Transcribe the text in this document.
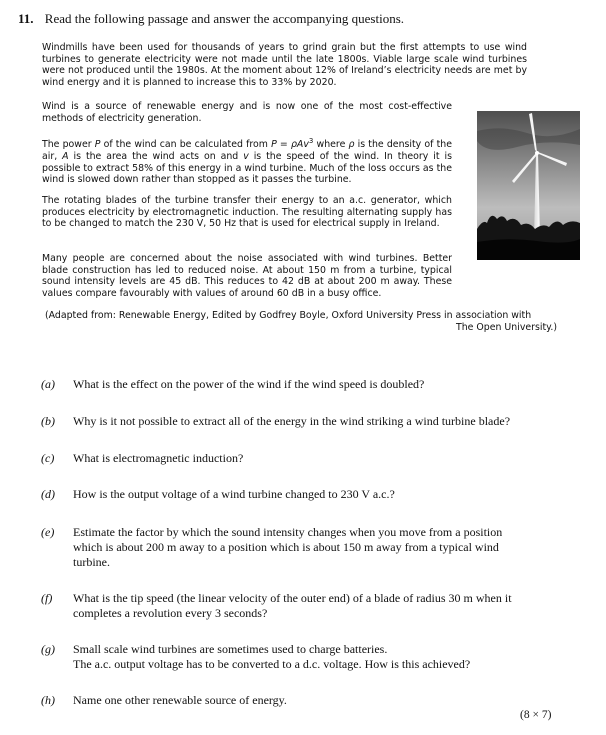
11. Read the following passage and answer the accompanying questions.

Windmills have been used for thousands of years to grind grain but the first attempts to use wind turbines to generate electricity were not made until the late 1800s. Viable large scale wind turbines were not produced until the 1980s. At the moment about 12% of Ireland’s electricity needs are met by wind energy and it is planned to increase this to 33% by 2020.

Wind is a source of renewable energy and is now one of the most cost-effective methods of electricity generation.

The power P of the wind can be calculated from P = ρAv$^3$ where ρ is the density of the air, A is the area the wind acts on and v is the speed of the wind. In theory it is possible to extract 58% of this energy in a wind turbine. Much of the loss occurs as the wind is slowed down rather than stopped as it passes the turbine.

The rotating blades of the turbine transfer their energy to an a.c. generator, which produces electricity by electromagnetic induction. The resulting alternating supply has to be changed to match the 230 V, 50 Hz that is used for electrical supply in Ireland.

Many people are concerned about the noise associated with wind turbines. Better blade construction has led to reduced noise. At about 150 m from a turbine, typical sound intensity levels are 45 dB. This reduces to 42 dB at about 200 m away. These values compare favourably with values of around 60 dB in a busy office.

(Adapted from: Renewable Energy, Edited by Godfrey Boyle, Oxford University Press in association with
The Open University.)
(a)	What is the effect on the power of the wind if the wind speed is doubled?
(b)	Why is it not possible to extract all of the energy in the wind striking a wind turbine blade?
(c)	What is electromagnetic induction?
(d)	How is the output voltage of a wind turbine changed to 230 V a.c.?
(e)	Estimate the factor by which the sound intensity changes when you move from a position which is about 200 m away to a position which is about 150 m away from a typical wind turbine.
(f)	What is the tip speed (the linear velocity of the outer end) of a blade of radius 30 m when it completes a revolution every 3 seconds?
(g)	Small scale wind turbines are sometimes used to charge batteries.
The a.c. output voltage has to be converted to a d.c. voltage. How is this achieved?
(h)	Name one other renewable source of energy.
(8 × 7)
